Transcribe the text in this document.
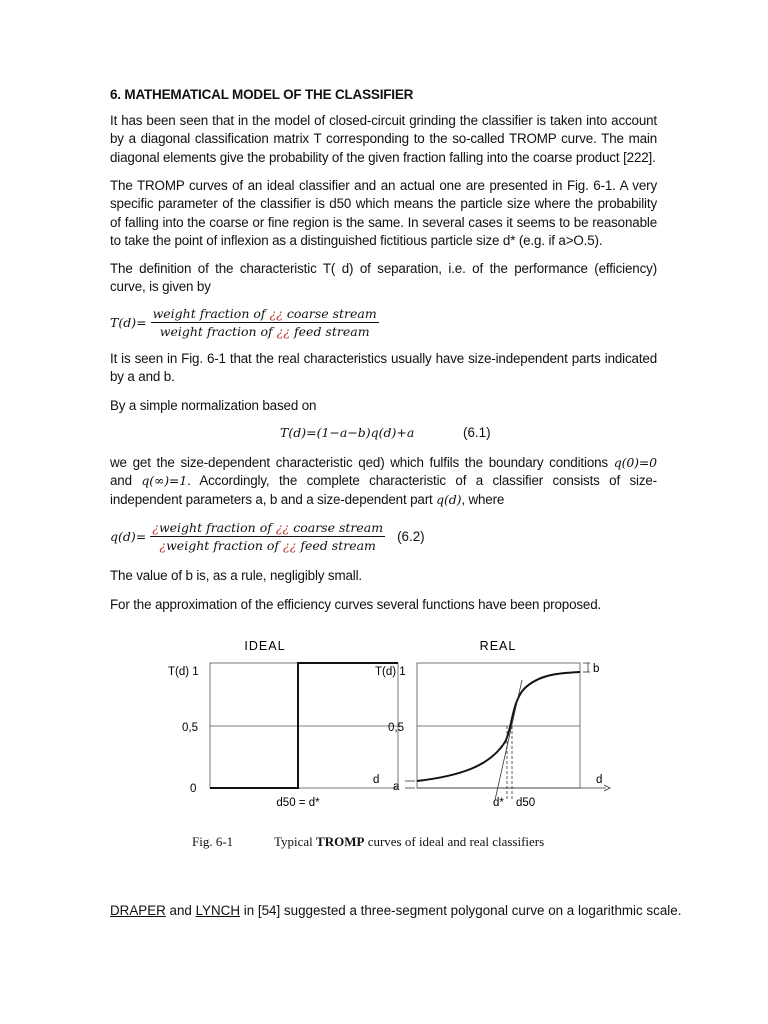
6. MATHEMATICAL MODEL OF THE CLASSIFIER
It has been seen that in the model of closed-circuit grinding the classifier is taken into account by a diagonal classification matrix T corresponding to the so-called TROMP curve. The main diagonal elements give the probability of the given fraction falling into the coarse product [222].
The TROMP curves of an ideal classifier and an actual one are presented in Fig. 6-1. A very specific parameter of the classifier is d50 which means the particle size where the probability of falling into the coarse or fine region is the same. In several cases it seems to be reasonable to take the point of inflexion as a distinguished fictitious particle size d* (e.g. if a>O.5).
The definition of the characteristic T( d) of separation, i.e. of the performance (efficiency) curve, is given by
$T(d)= \frac{\text{weight fraction of ¿¿ coarse stream}}{\text{weight fraction of ¿¿ feed stream}}$
It is seen in Fig. 6-1 that the real characteristics usually have size-independent parts indicated by a and b.
By a simple normalization based on
T(d)=(1−a−b)q(d)+a	(6.1)
we get the size-dependent characteristic qed) which fulfils the boundary conditions q(0)=0 and q(∞)=1. Accordingly, the complete characteristic of a classifier consists of size-independent parameters a, b and a size-dependent part q(d), where
$q(d)= \frac{\text{¿weight fraction of ¿¿ coarse stream}}{\text{¿weight fraction of ¿¿ feed stream}} (6.2)$
The value of b is, as a rule, negligibly small.
For the approximation of the efficiency curves several functions have been proposed.
IDEAL
T(d) 1
0,5
0
d
d50 = d*
REAL
T(d) 1
0,5
a
b
d
d* d50
Fig. 6-1	Typical TROMP curves of ideal and real classifiers
DRAPER and LYNCH in [54] suggested a three-segment polygonal curve on a logarithmic scale.
